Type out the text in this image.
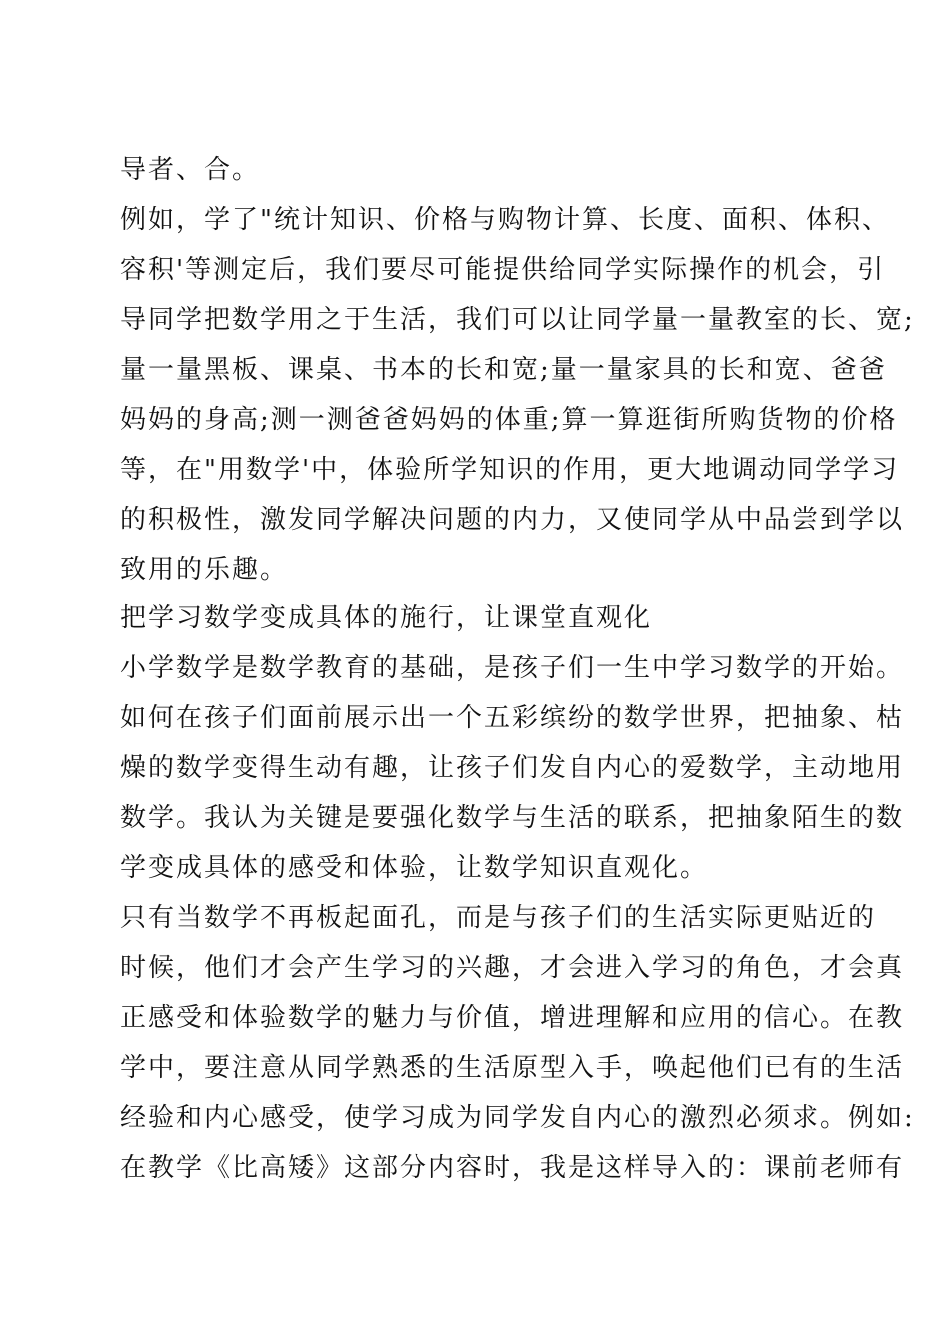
导者、合。

例如，学了"统计知识、价格与购物计算、长度、面积、体积、

容积'等测定后，我们要尽可能提供给同学实际操作的机会，引

导同学把数学用之于生活，我们可以让同学量一量教室的长、宽;

量一量黑板、课桌、书本的长和宽;量一量家具的长和宽、爸爸

妈妈的身高;测一测爸爸妈妈的体重;算一算逛街所购货物的价格

等，在"用数学'中，体验所学知识的作用，更大地调动同学学习

的积极性，激发同学解决问题的内力，又使同学从中品尝到学以

致用的乐趣。

把学习数学变成具体的施行，让课堂直观化

小学数学是数学教育的基础，是孩子们一生中学习数学的开始。

如何在孩子们面前展示出一个五彩缤纷的数学世界，把抽象、枯

燥的数学变得生动有趣，让孩子们发自内心的爱数学，主动地用

数学。我认为关键是要强化数学与生活的联系，把抽象陌生的数

学变成具体的感受和体验，让数学知识直观化。

只有当数学不再板起面孔，而是与孩子们的生活实际更贴近的

时候，他们才会产生学习的兴趣，才会进入学习的角色，才会真

正感受和体验数学的魅力与价值，增进理解和应用的信心。在教

学中，要注意从同学熟悉的生活原型入手，唤起他们已有的生活

经验和内心感受，使学习成为同学发自内心的激烈必须求。例如:

在教学《比高矮》这部分内容时，我是这样导入的：课前老师有
